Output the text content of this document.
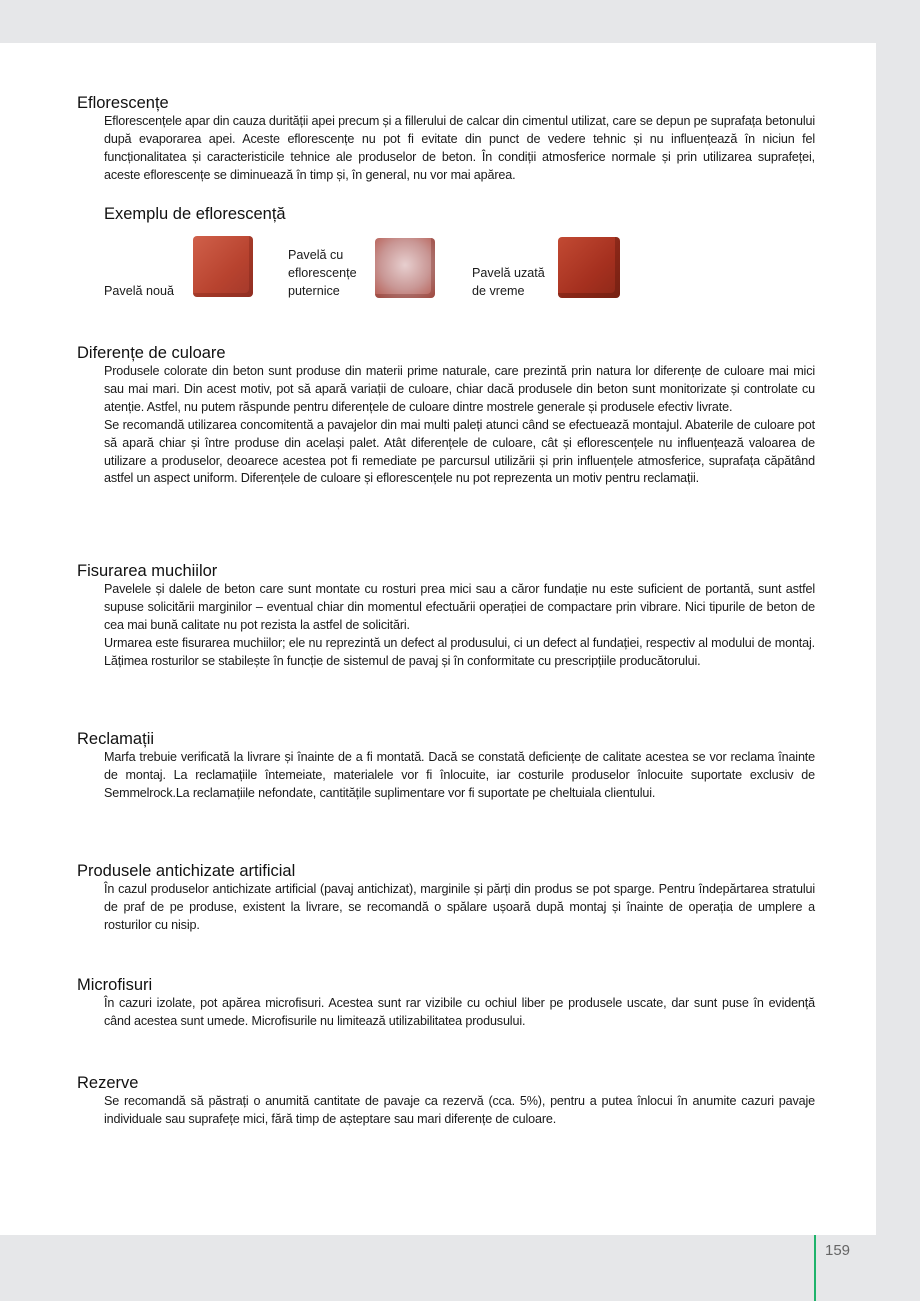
Eflorescențe

Eflorescențele apar din cauza durității apei precum și a fillerului de calcar din cimentul utilizat, care se depun pe suprafața betonului după evaporarea apei. Aceste eflorescențe nu pot fi evitate din punct de vedere tehnic și nu influențează în niciun fel funcționalitatea și caracteristicile tehnice ale produselor de beton. În condiții atmosferice normale și prin utilizarea suprafeței, aceste eflorescențe se diminuează în timp și, în general, nu vor mai apărea.

Exemplu de eflorescență
Pavelă nouă
Pavelă cu
eflorescențe
puternice
Pavelă uzată
de vreme
Diferențe de culoare

Produsele colorate din beton sunt produse din materii prime naturale, care prezintă prin natura lor diferențe de culoare mai mici sau mai mari. Din acest motiv, pot să apară variații de culoare, chiar dacă produsele din beton sunt monitorizate și controlate cu atenție. Astfel, nu putem răspunde pentru diferențele de culoare dintre mostrele generale și produsele efectiv livrate.

Se recomandă utilizarea concomitentă a pavajelor din mai multi paleți atunci când se efectuează montajul. Abaterile de culoare pot să apară chiar și între produse din același palet. Atât diferențele de culoare, cât și eflorescențele nu influențează valoarea de utilizare a produselor, deoarece acestea pot fi remediate pe parcursul utilizării și prin influențele atmosferice, suprafața căpătând astfel un aspect uniform. Diferențele de culoare și eflorescențele nu pot reprezenta un motiv pentru reclamații.

Fisurarea muchiilor

Pavelele și dalele de beton care sunt montate cu rosturi prea mici sau a căror fundație nu este suficient de portantă, sunt astfel supuse solicitării marginilor – eventual chiar din momentul efectuării operației de compactare prin vibrare. Nici tipurile de beton de cea mai bună calitate nu pot rezista la astfel de solicitări.

Urmarea este fisurarea muchiilor; ele nu reprezintă un defect al produsului, ci un defect al fundației, respectiv al modului de montaj. Lățimea rosturilor se stabilește în funcție de sistemul de pavaj și în conformitate cu prescripțiile producătorului.

Reclamații

Marfa trebuie verificată la livrare și înainte de a fi montată. Dacă se constată deficiențe de calitate acestea se vor reclama înainte de montaj. La reclamațiile întemeiate, materialele vor fi înlocuite, iar costurile produselor înlocuite suportate exclusiv de Semmelrock.La reclamațiile nefondate, cantitățile suplimentare vor fi suportate pe cheltuiala clientului.

Produsele antichizate artificial

În cazul produselor antichizate artificial (pavaj antichizat), marginile și părți din produs se pot sparge. Pentru îndepărtarea stratului de praf de pe produse, existent la livrare, se recomandă o spălare ușoară după montaj și înainte de operația de umplere a rosturilor cu nisip.

Microfisuri

În cazuri izolate, pot apărea microfisuri. Acestea sunt rar vizibile cu ochiul liber pe produsele uscate, dar sunt puse în evidență când acestea sunt umede. Microfisurile nu limitează utilizabilitatea produsului.

Rezerve

Se recomandă să păstrați o anumită cantitate de pavaje ca rezervă (cca. 5%), pentru a putea înlocui în anumite cazuri pavaje individuale sau suprafețe mici, fără timp de așteptare sau mari diferențe de culoare.

159
